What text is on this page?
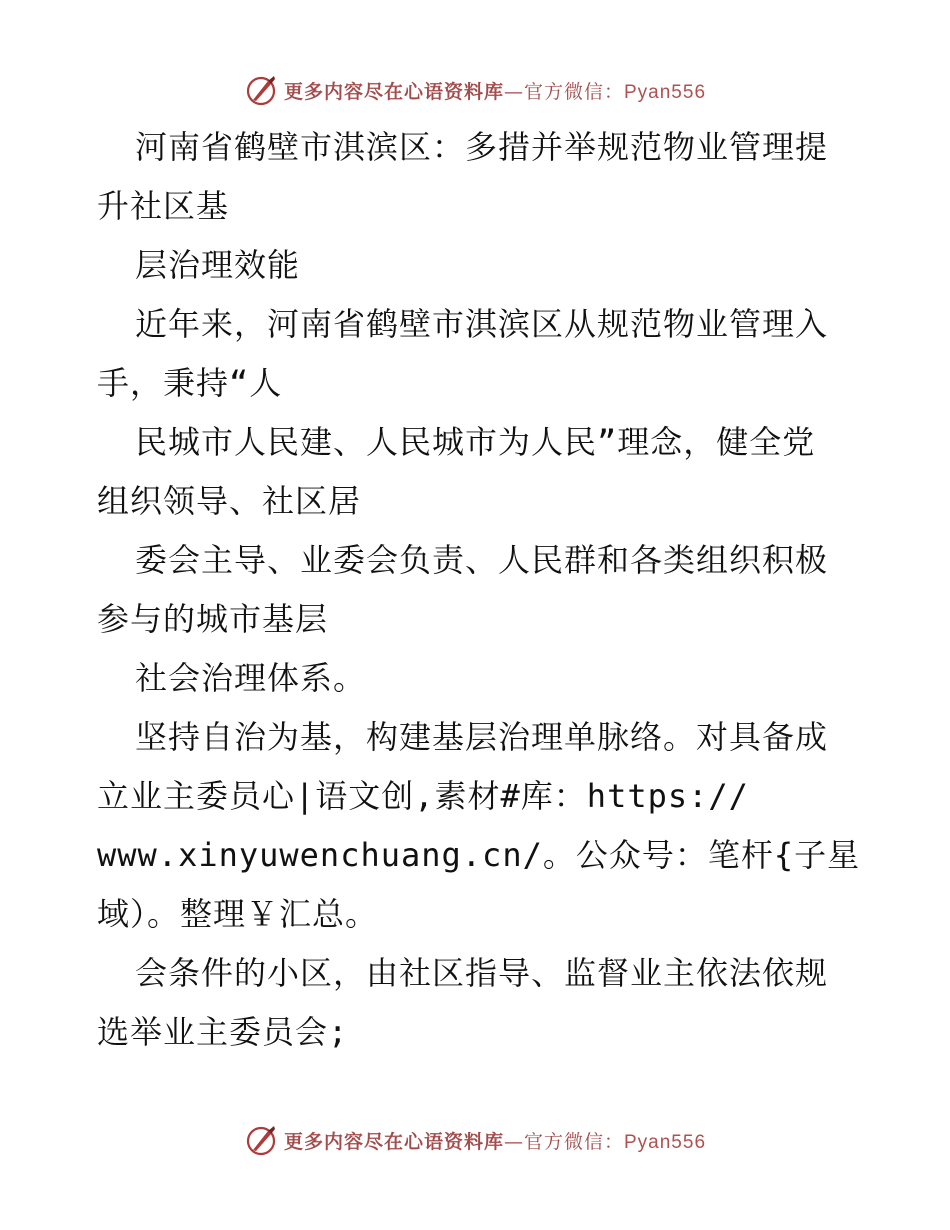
更多内容尽在心语资料库—官方微信：Pyan556
河南省鹤壁市淇滨区：多措并举规范物业管理提
升社区基
层治理效能
近年来，河南省鹤壁市淇滨区从规范物业管理入
手，秉持“人
民城市人民建、人民城市为人民”理念，健全党
组织领导、社区居
委会主导、业委会负责、人民群和各类组织积极
参与的城市基层
社会治理体系。
坚持自治为基，构建基层治理单脉络。对具备成
立业主委员心|语文创,素材#库：https://
www.xinyuwenchuang.cn/。公众号：笔杆{子星
域）。整理￥汇总。
会条件的小区，由社区指导、监督业主依法依规
选举业主委员会;
更多内容尽在心语资料库—官方微信：Pyan556
